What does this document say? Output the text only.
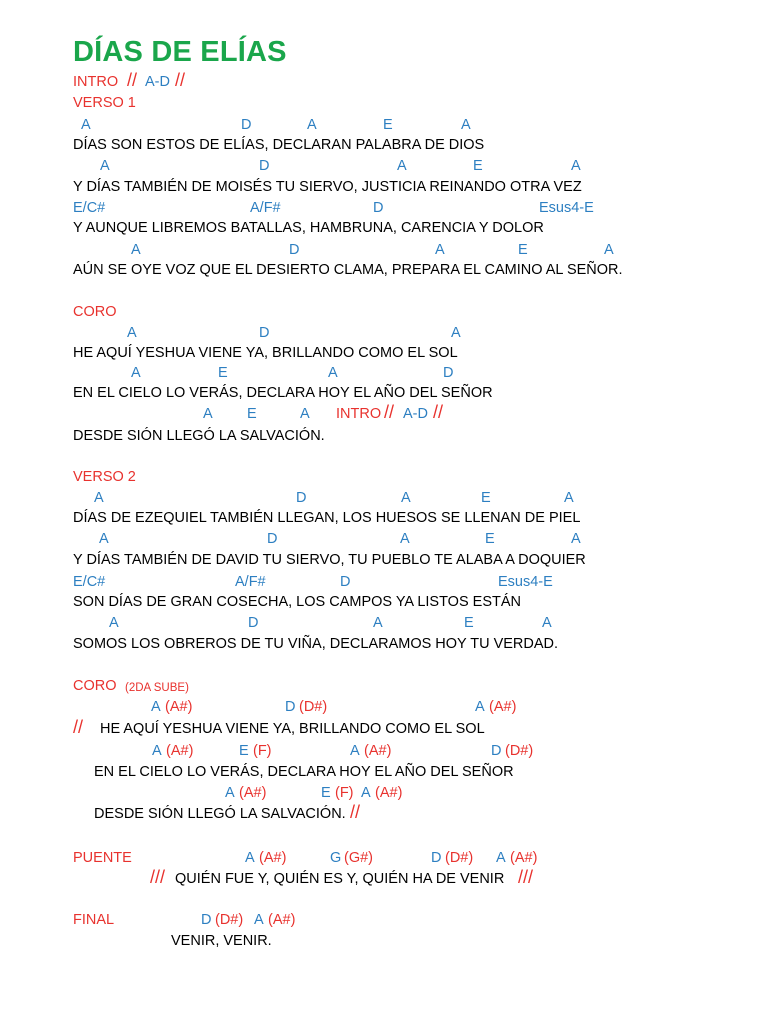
DÍAS DE ELÍAS
INTRO // A-D //
VERSO 1
A	D	A	E	A
DÍAS SON ESTOS DE ELÍAS, DECLARAN PALABRA DE DIOS
A	D	A	E	A
Y DÍAS TAMBIÉN DE MOISÉS TU SIERVO, JUSTICIA REINANDO OTRA VEZ
E/C#	A/F#	D	Esus4-E
Y AUNQUE LIBREMOS BATALLAS, HAMBRUNA, CARENCIA Y DOLOR
A	D	A	E	A
AÚN SE OYE VOZ QUE EL DESIERTO CLAMA, PREPARA EL CAMINO AL SEÑOR.
CORO
A	D	A
HE AQUÍ YESHUA VIENE YA, BRILLANDO COMO EL SOL
A	E	A	D
EN EL CIELO LO VERÁS, DECLARA HOY EL AÑO DEL SEÑOR
A E	A INTRO // A-D //
DESDE SIÓN LLEGÓ LA SALVACIÓN.
VERSO 2
A	D	A	E	A
DÍAS DE EZEQUIEL TAMBIÉN LLEGAN, LOS HUESOS SE LLENAN DE PIEL
A	D	A	E	A
Y DÍAS TAMBIÉN DE DAVID TU SIERVO, TU PUEBLO TE ALABA A DOQUIER
E/C#	A/F#	D	Esus4-E
SON DÍAS DE GRAN COSECHA, LOS CAMPOS YA LISTOS ESTÁN
A	D	A	E	A
SOMOS LOS OBREROS DE TU VIÑA, DECLARAMOS HOY TU VERDAD.
CORO (2DA SUBE)
A (A#)	D (D#)	A (A#)
// HE AQUÍ YESHUA VIENE YA, BRILLANDO COMO EL SOL
A (A#)	E (F)	A (A#)	D (D#)
EN EL CIELO LO VERÁS, DECLARA HOY EL AÑO DEL SEÑOR
A (A#)	E (F) A (A#)
DESDE SIÓN LLEGÓ LA SALVACIÓN. //
PUENTE	A (A#)	G (G#)	D (D#) A (A#)
/// QUIÉN FUE Y, QUIÉN ES Y, QUIÉN HA DE VENIR ///
FINAL	D (D#) A (A#)
VENIR, VENIR.
